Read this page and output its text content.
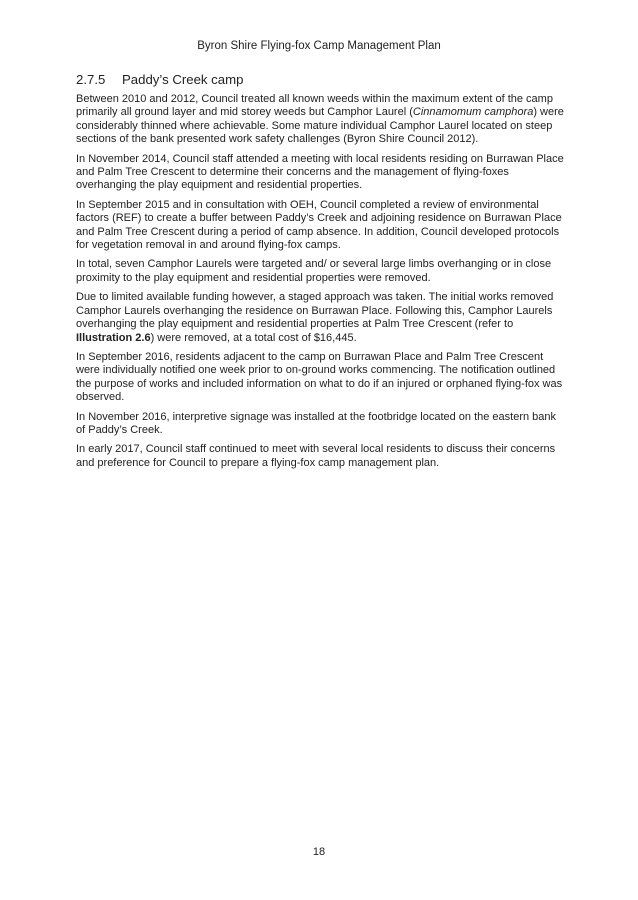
Byron Shire Flying-fox Camp Management Plan
2.7.5	Paddy’s Creek camp

Between 2010 and 2012, Council treated all known weeds within the maximum extent of the camp primarily all ground layer and mid storey weeds but Camphor Laurel (Cinnamomum camphora) were considerably thinned where achievable. Some mature individual Camphor Laurel located on steep sections of the bank presented work safety challenges (Byron Shire Council 2012).

In November 2014, Council staff attended a meeting with local residents residing on Burrawan Place and Palm Tree Crescent to determine their concerns and the management of flying-foxes overhanging the play equipment and residential properties.

In September 2015 and in consultation with OEH, Council completed a review of environmental factors (REF) to create a buffer between Paddy’s Creek and adjoining residence on Burrawan Place and Palm Tree Crescent during a period of camp absence. In addition, Council developed protocols for vegetation removal in and around flying-fox camps.

In total, seven Camphor Laurels were targeted and/ or several large limbs overhanging or in close proximity to the play equipment and residential properties were removed.

Due to limited available funding however, a staged approach was taken. The initial works removed Camphor Laurels overhanging the residence on Burrawan Place. Following this, Camphor Laurels overhanging the play equipment and residential properties at Palm Tree Crescent (refer to Illustration 2.6) were removed, at a total cost of $16,445.

In September 2016, residents adjacent to the camp on Burrawan Place and Palm Tree Crescent were individually notified one week prior to on-ground works commencing. The notification outlined the purpose of works and included information on what to do if an injured or orphaned flying-fox was observed.

In November 2016, interpretive signage was installed at the footbridge located on the eastern bank of Paddy’s Creek.

In early 2017, Council staff continued to meet with several local residents to discuss their concerns and preference for Council to prepare a flying-fox camp management plan.

18
